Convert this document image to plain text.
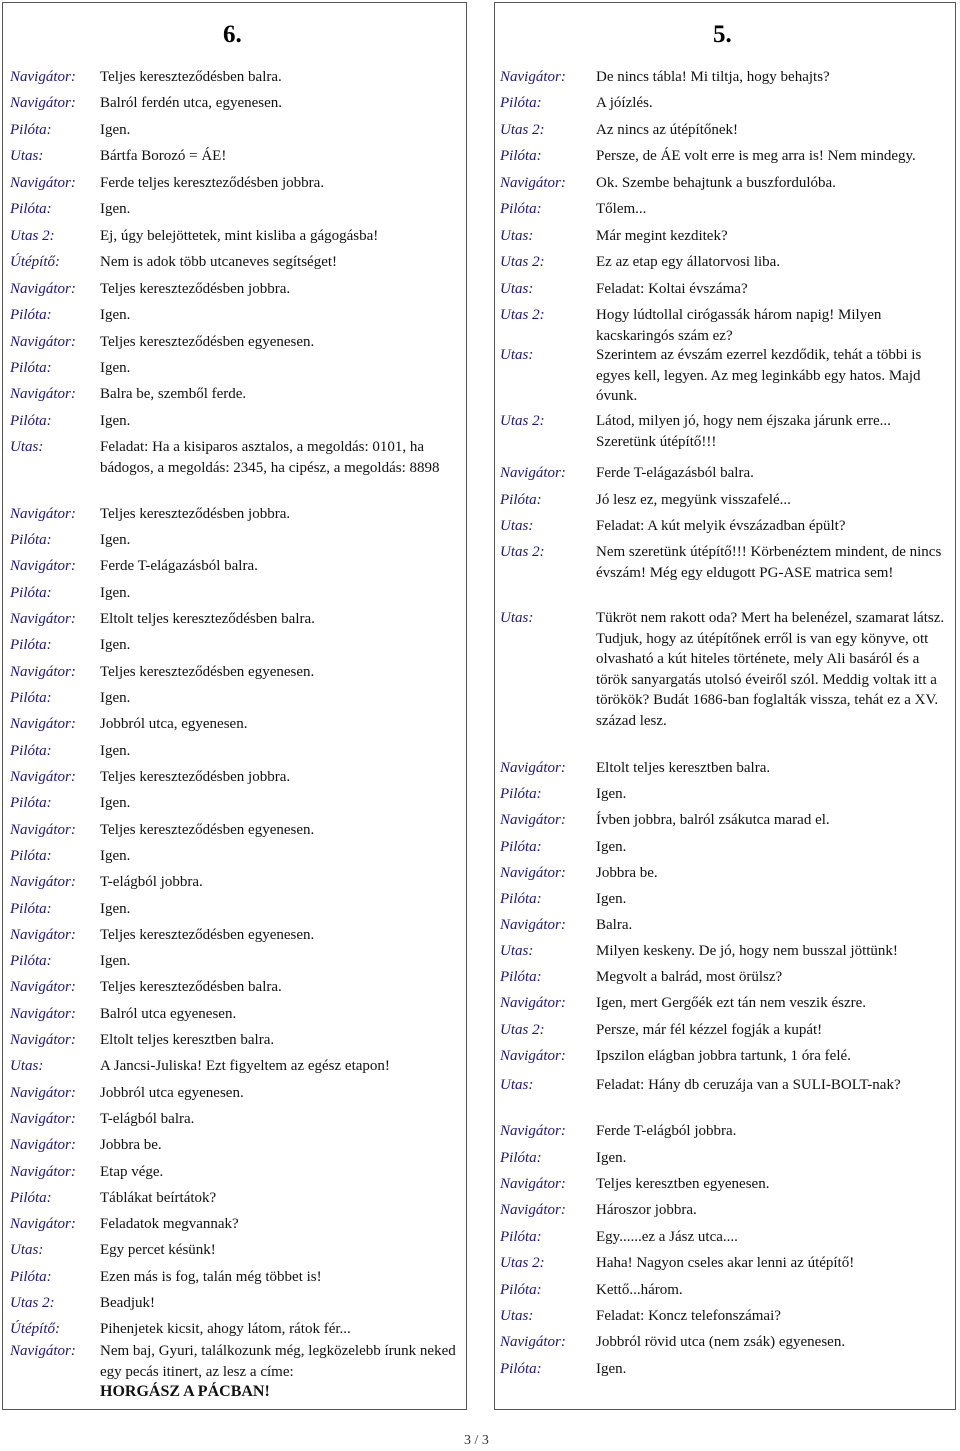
6.
Navigátor: Teljes kereszteződésben balra.
Navigátor: Balról ferdén utca, egyenesen.
Pilóta:	Igen.
Utas:	Bártfa Borozó = ÁE!
Navigátor: Ferde teljes kereszteződésben jobbra.
Pilóta:	Igen.
Utas 2:	Ej, úgy belejöttetek, mint kisliba a gágogásba!
Útépítő:	Nem is adok több utcaneves segítséget!
Navigátor: Teljes kereszteződésben jobbra.
Pilóta:	Igen.
Navigátor: Teljes kereszteződésben egyenesen.
Pilóta:	Igen.
Navigátor: Balra be, szemből ferde.
Pilóta:	Igen.
Utas:	Feladat: Ha a kisiparos asztalos, a megoldás: 0101, ha bádogos, a megoldás: 2345, ha cipész, a megoldás: 8898
Navigátor: Teljes kereszteződésben jobbra.
Pilóta:	Igen.
Navigátor: Ferde T-elágazásból balra.
Pilóta:	Igen.
Navigátor: Eltolt teljes kereszteződésben balra.
Pilóta:	Igen.
Navigátor: Teljes kereszteződésben egyenesen.
Pilóta:	Igen.
Navigátor: Jobbról utca, egyenesen.
Pilóta:	Igen.
Navigátor: Teljes kereszteződésben jobbra.
Pilóta:	Igen.
Navigátor: Teljes kereszteződésben egyenesen.
Pilóta:	Igen.
Navigátor: T-elágból jobbra.
Pilóta:	Igen.
Navigátor: Teljes kereszteződésben egyenesen.
Pilóta:	Igen.
Navigátor: Teljes kereszteződésben balra.
Navigátor: Balról utca egyenesen.
Navigátor: Eltolt teljes keresztben balra.
Utas:	A Jancsi-Juliska! Ezt figyeltem az egész etapon!
Navigátor: Jobbról utca egyenesen.
Navigátor: T-elágból balra.
Navigátor: Jobbra be.
Navigátor: Etap vége.
Pilóta:	Táblákat beírtátok?
Navigátor: Feladatok megvannak?
Utas:	Egy percet késünk!
Pilóta:	Ezen más is fog, talán még többet is!
Utas 2:	Beadjuk!
Útépítő:	Pihenjetek kicsit, ahogy látom, rátok fér...
Navigátor: Nem baj, Gyuri, találkozunk még, legközelebb írunk neked egy pecás itinert, az lesz a címe:
HORGÁSZ A PÁCBAN!
5.
Navigátor: De nincs tábla! Mi tiltja, hogy behajts?
Pilóta:	A jóízlés.
Utas 2:	Az nincs az útépítőnek!
Pilóta:	Persze, de ÁE volt erre is meg arra is! Nem mindegy.
Navigátor: Ok. Szembe behajtunk a buszfordulóba.
Pilóta:	Tőlem...
Utas:	Már megint kezditek?
Utas 2:	Ez az etap egy állatorvosi liba.
Utas:	Feladat: Koltai évszáma?
Utas 2:	Hogy lúdtollal cirógassák három napig! Milyen kacskaringós szám ez?
Utas:	Szerintem az évszám ezerrel kezdődik, tehát a többi is egyes kell, legyen. Az meg leginkább egy hatos. Majd óvunk.
Utas 2:	Látod, milyen jó, hogy nem éjszaka járunk erre... Szeretünk útépítő!!!
Navigátor: Ferde T-elágazásból balra.
Pilóta:	Jó lesz ez, megyünk visszafelé...
Utas:	Feladat: A kút melyik évszázadban épült?
Utas 2:	Nem szeretünk útépítő!!! Körbenéztem mindent, de nincs évszám! Még egy eldugott PG-ASE matrica sem!
Utas:	Tükröt nem rakott oda? Mert ha belenézel, szamarat látsz. Tudjuk, hogy az útépítőnek erről is van egy könyve, ott olvasható a kút hiteles története, mely Ali basáról és a török sanyargatás utolsó éveiről szól. Meddig voltak itt a törökök? Budát 1686-ban foglalták vissza, tehát ez a XV. század lesz.
Navigátor: Eltolt teljes keresztben balra.
Pilóta:	Igen.
Navigátor: Ívben jobbra, balról zsákutca marad el.
Pilóta:	Igen.
Navigátor: Jobbra be.
Pilóta:	Igen.
Navigátor: Balra.
Utas:	Milyen keskeny. De jó, hogy nem busszal jöttünk!
Pilóta:	Megvolt a balrád, most örülsz?
Navigátor: Igen, mert Gergőék ezt tán nem veszik észre.
Utas 2:	Persze, már fél kézzel fogják a kupát!
Navigátor: Ipszilon elágban jobbra tartunk, 1 óra felé.
Utas:	Feladat: Hány db ceruzája van a SULI-BOLT-nak?
Navigátor: Ferde T-elágból jobbra.
Pilóta:	Igen.
Navigátor: Teljes keresztben egyenesen.
Navigátor: Hároszor jobbra.
Pilóta:	Egy......ez a Jász utca....
Utas 2:	Haha! Nagyon cseles akar lenni az útépítő!
Pilóta:	Kettő...három.
Utas:	Feladat: Koncz telefonszámai?
Navigátor: Jobbról rövid utca (nem zsák) egyenesen.
Pilóta:	Igen.
3 / 3
